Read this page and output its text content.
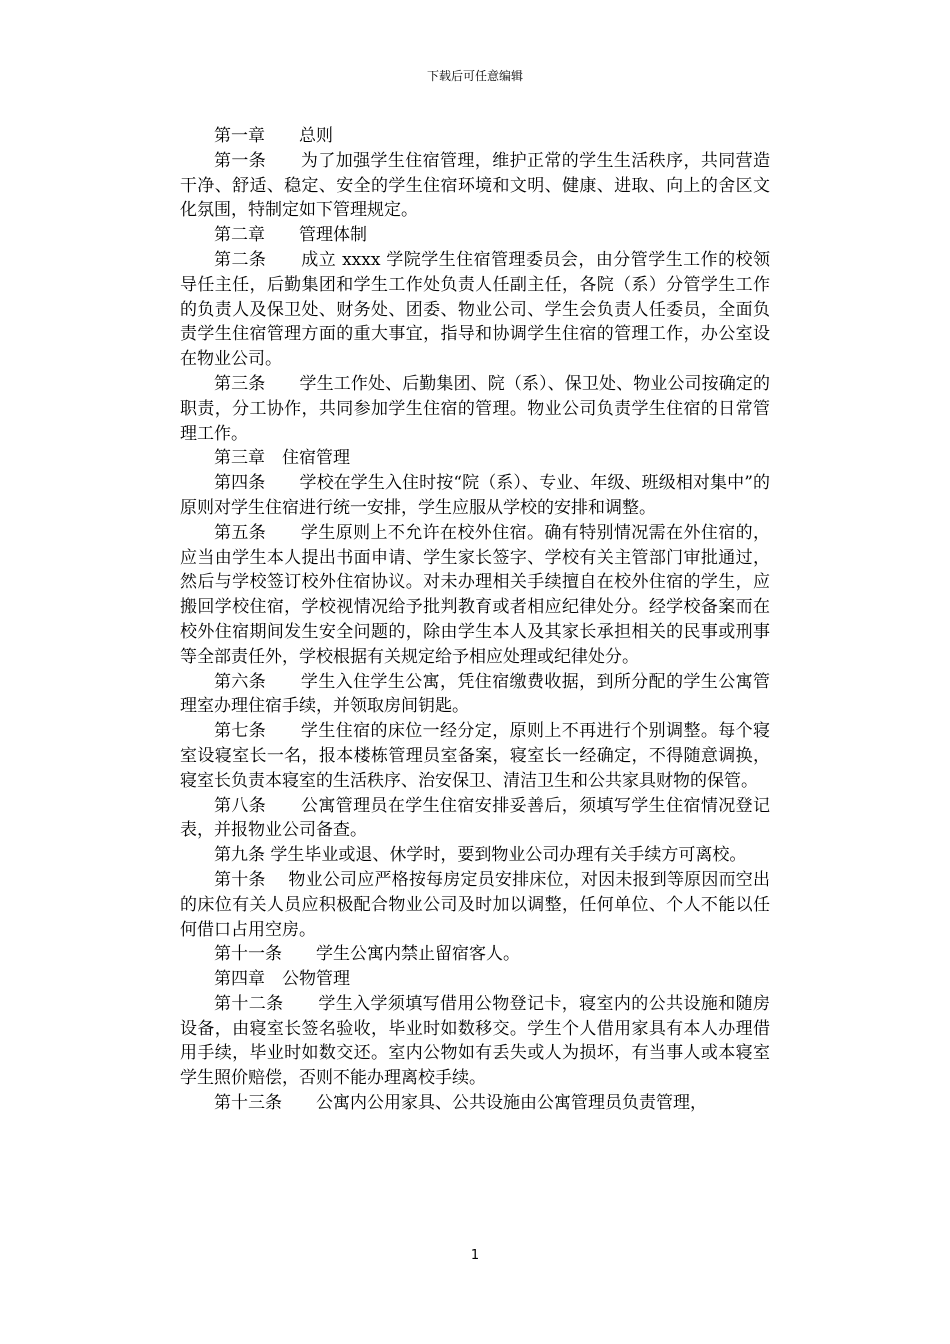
下载后可任意编辑

第一章　　总则

第一条　　为了加强学生住宿管理，维护正常的学生生活秩序，共同营造干净、舒适、稳定、安全的学生住宿环境和文明、健康、进取、向上的舍区文化氛围，特制定如下管理规定。

第二章　　管理体制

第二条　　成立 xxxx 学院学生住宿管理委员会，由分管学生工作的校领导任主任，后勤集团和学生工作处负责人任副主任，各院（系）分管学生工作的负责人及保卫处、财务处、团委、物业公司、学生会负责人任委员，全面负责学生住宿管理方面的重大事宜，指导和协调学生住宿的管理工作，办公室设在物业公司。

第三条　　学生工作处、后勤集团、院（系）、保卫处、物业公司按确定的职责，分工协作，共同参加学生住宿的管理。物业公司负责学生住宿的日常管理工作。

第三章　住宿管理

第四条　　学校在学生入住时按“院（系）、专业、年级、班级相对集中”的原则对学生住宿进行统一安排，学生应服从学校的安排和调整。

第五条　　学生原则上不允许在校外住宿。确有特别情况需在外住宿的，应当由学生本人提出书面申请、学生家长签字、学校有关主管部门审批通过，然后与学校签订校外住宿协议。对未办理相关手续擅自在校外住宿的学生，应搬回学校住宿，学校视情况给予批判教育或者相应纪律处分。经学校备案而在校外住宿期间发生安全问题的，除由学生本人及其家长承担相关的民事或刑事等全部责任外，学校根据有关规定给予相应处理或纪律处分。

第六条　　学生入住学生公寓，凭住宿缴费收据，到所分配的学生公寓管理室办理住宿手续，并领取房间钥匙。

第七条　　学生住宿的床位一经分定，原则上不再进行个别调整。每个寝室设寝室长一名，报本楼栋管理员室备案，寝室长一经确定，不得随意调换，寝室长负责本寝室的生活秩序、治安保卫、清洁卫生和公共家具财物的保管。

第八条　　公寓管理员在学生住宿安排妥善后，须填写学生住宿情况登记表，并报物业公司备查。

第九条 学生毕业或退、休学时，要到物业公司办理有关手续方可离校。

第十条　 物业公司应严格按每房定员安排床位，对因未报到等原因而空出的床位有关人员应积极配合物业公司及时加以调整，任何单位、个人不能以任何借口占用空房。

第十一条　　学生公寓内禁止留宿客人。

第四章　公物管理

第十二条　　学生入学须填写借用公物登记卡，寝室内的公共设施和随房设备，由寝室长签名验收，毕业时如数移交。学生个人借用家具有本人办理借用手续，毕业时如数交还。室内公物如有丢失或人为损坏，有当事人或本寝室学生照价赔偿，否则不能办理离校手续。

第十三条　　公寓内公用家具、公共设施由公寓管理员负责管理，

1
